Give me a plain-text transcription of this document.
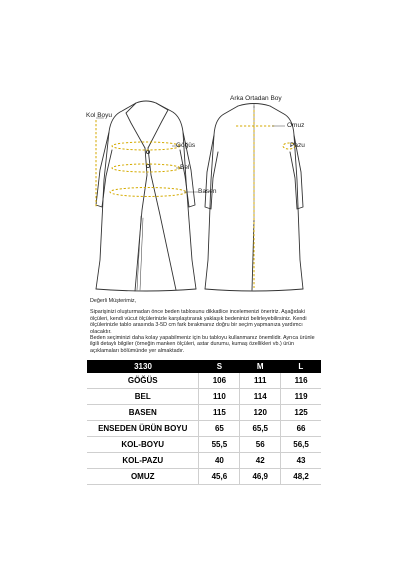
Kol Boyu
Göğüs
Bel
Basen
Arka Ortadan Boy
Omuz
Pazu

Değerli Müşterimiz,

Siparişinizi oluşturmadan önce beden tablosunu dikkatlice incelemenizi öneririz. Aşağıdaki ölçüleri, kendi vücut ölçülerinizle karşılaştırarak yaklaşık bedeninizi belirleyebilirsiniz. Kendi ölçülerinizle tablo arasında 3-5D cm fark bırakmanız doğru bir seçim yapmanıza yardımcı olacaktır.

Beden seçiminizi daha kolay yapabilmeniz için bu tabloyu kullanmanız önemlidir. Ayrıca ürünle ilgili detaylı bilgiler (örneğin manken ölçüleri, astar durumu, kumaş özellikleri vb.) ürün açıklamaları bölümünde yer almaktadır.

3130	S	M	L
GÖĞÜS	106	111	116
BEL	110	114	119
BASEN	115	120	125
ENSEDEN ÜRÜN BOYU	65	65,5	66
KOL-BOYU	55,5	56	56,5
KOL-PAZU	40	42	43
OMUZ	45,6	46,9	48,2
